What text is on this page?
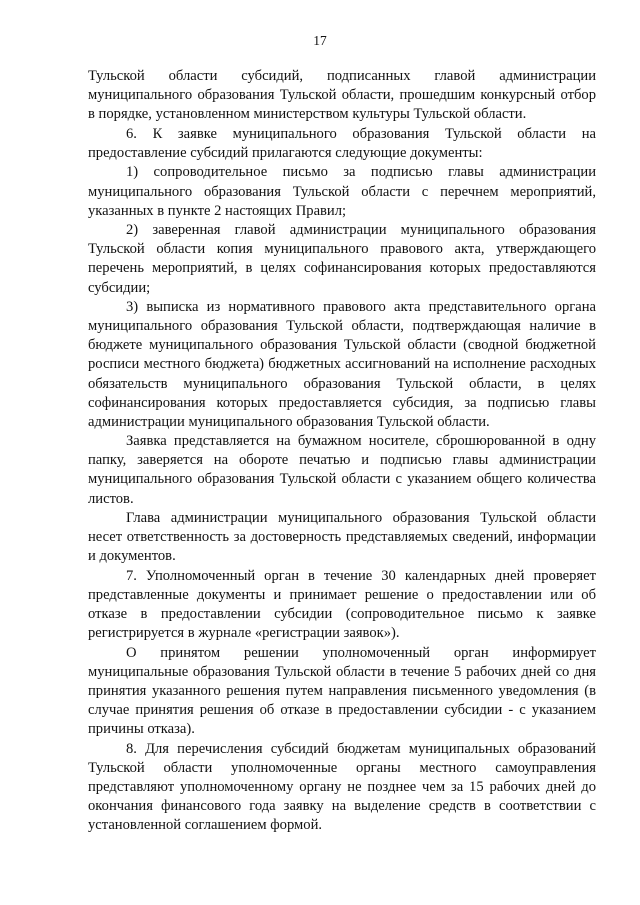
17

Тульской области субсидий, подписанных главой администрации муниципального образования Тульской области, прошедшим конкурсный отбор в порядке, установленном министерством культуры Тульской области.

6. К заявке муниципального образования Тульской области на предоставление субсидий прилагаются следующие документы:

1) сопроводительное письмо за подписью главы администрации муниципального образования Тульской области с перечнем мероприятий, указанных в пункте 2 настоящих Правил;

2) заверенная главой администрации муниципального образования Тульской области копия муниципального правового акта, утверждающего перечень мероприятий, в целях софинансирования которых предоставляются субсидии;

3) выписка из нормативного правового акта представительного органа муниципального образования Тульской области, подтверждающая наличие в бюджете муниципального образования Тульской области (сводной бюджетной росписи местного бюджета) бюджетных ассигнований на исполнение расходных обязательств муниципального образования Тульской области, в целях софинансирования которых предоставляется субсидия, за подписью главы администрации муниципального образования Тульской области.

Заявка представляется на бумажном носителе, сброшюрованной в одну папку, заверяется на обороте печатью и подписью главы администрации муниципального образования Тульской области с указанием общего количества листов.

Глава администрации муниципального образования Тульской области несет ответственность за достоверность представляемых сведений, информации и документов.

7. Уполномоченный орган в течение 30 календарных дней проверяет представленные документы и принимает решение о предоставлении или об отказе в предоставлении субсидии (сопроводительное письмо к заявке регистрируется в журнале «регистрации заявок»).

О принятом решении уполномоченный орган информирует муниципальные образования Тульской области в течение 5 рабочих дней со дня принятия указанного решения путем направления письменного уведомления (в случае принятия решения об отказе в предоставлении субсидии - с указанием причины отказа).

8. Для перечисления субсидий бюджетам муниципальных образований Тульской области уполномоченные органы местного самоуправления представляют уполномоченному органу не позднее чем за 15 рабочих дней до окончания финансового года заявку на выделение средств в соответствии с установленной соглашением формой.
